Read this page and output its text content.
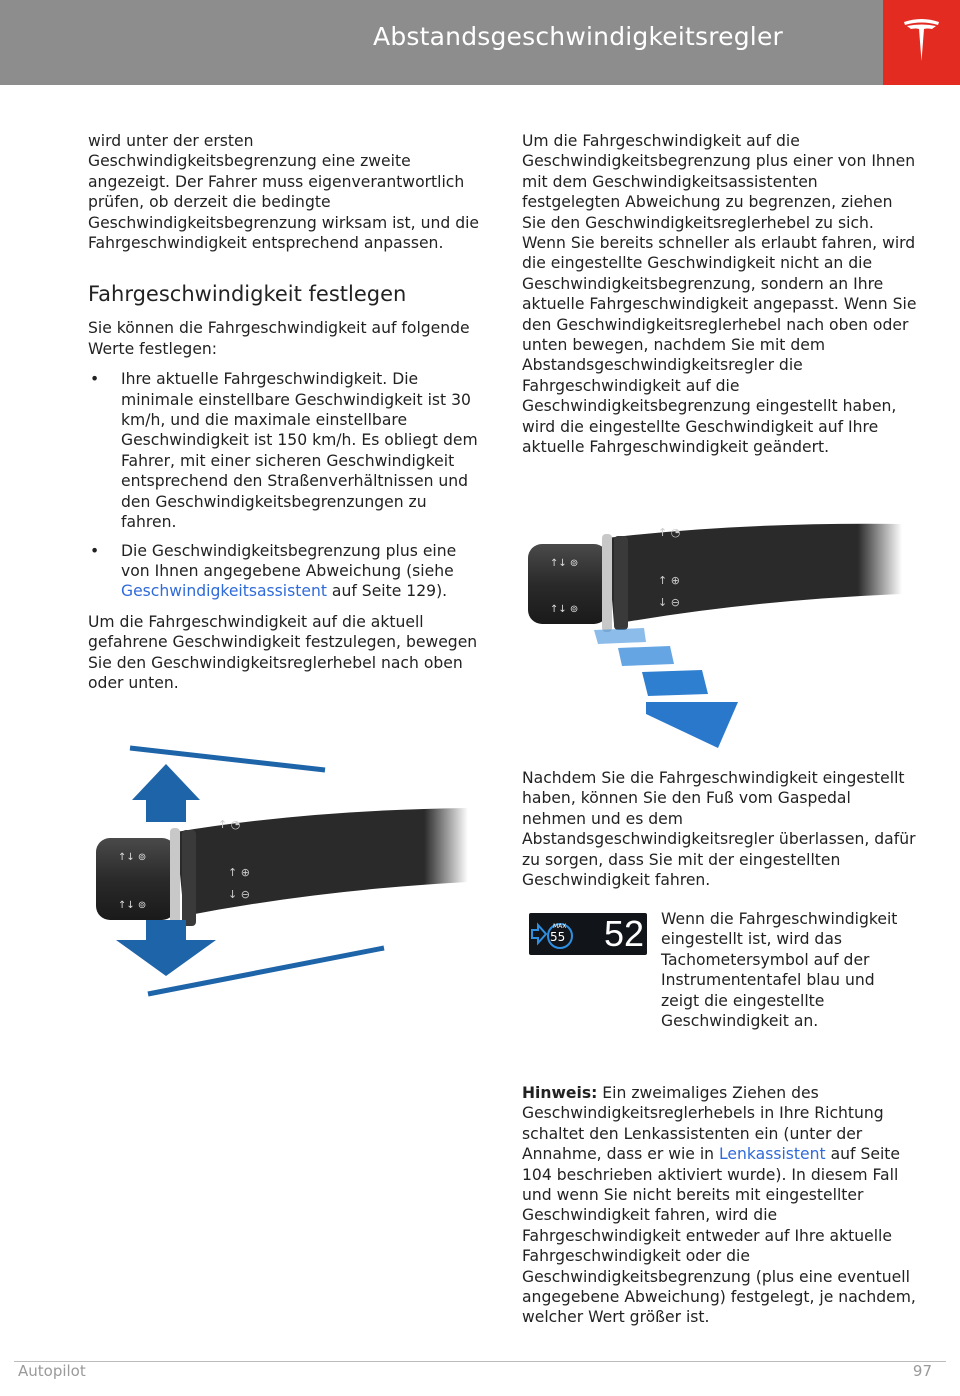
Abstandsgeschwindigkeitsregler

wird unter der ersten Geschwindigkeitsbegrenzung eine zweite angezeigt. Der Fahrer muss eigenverantwortlich prüfen, ob derzeit die bedingte Geschwindigkeitsbegrenzung wirksam ist, und die Fahrgeschwindigkeit entsprechend anpassen.

Fahrgeschwindigkeit festlegen

Sie können die Fahrgeschwindigkeit auf folgende Werte festlegen:

• Ihre aktuelle Fahrgeschwindigkeit. Die minimale einstellbare Geschwindigkeit ist 30 km/h, und die maximale einstellbare Geschwindigkeit ist 150 km/h. Es obliegt dem Fahrer, mit einer sicheren Geschwindigkeit entsprechend den Straßenverhältnissen und den Geschwindigkeitsbegrenzungen zu fahren.
• Die Geschwindigkeitsbegrenzung plus eine von Ihnen angegebene Abweichung (siehe Geschwindigkeitsassistent auf Seite 129).

Um die Fahrgeschwindigkeit auf die aktuell gefahrene Geschwindigkeit festzulegen, bewegen Sie den Geschwindigkeitsreglerhebel nach oben oder unten.

↑↓ ⊚
↑↓ ⊚
↑ ◔
↑ ⊕
↓ ⊖

Um die Fahrgeschwindigkeit auf die Geschwindigkeitsbegrenzung plus einer von Ihnen mit dem Geschwindigkeitsassistenten festgelegten Abweichung zu begrenzen, ziehen Sie den Geschwindigkeitsreglerhebel zu sich. Wenn Sie bereits schneller als erlaubt fahren, wird die eingestellte Geschwindigkeit nicht an die Geschwindigkeitsbegrenzung, sondern an Ihre aktuelle Fahrgeschwindigkeit angepasst. Wenn Sie den Geschwindigkeitsreglerhebel nach oben oder unten bewegen, nachdem Sie mit dem Abstandsgeschwindigkeitsregler die Fahrgeschwindigkeit auf die Geschwindigkeitsbegrenzung eingestellt haben, wird die eingestellte Geschwindigkeit auf Ihre aktuelle Fahrgeschwindigkeit geändert.

↑↓ ⊚
↑↓ ⊚
↑ ◔
↑ ⊕
↓ ⊖

Nachdem Sie die Fahrgeschwindigkeit eingestellt haben, können Sie den Fuß vom Gaspedal nehmen und es dem Abstandsgeschwindigkeitsregler überlassen, dafür zu sorgen, dass Sie mit der eingestellten Geschwindigkeit fahren.

MAX
55 52 Wenn die Fahrgeschwindigkeit eingestellt ist, wird das Tachometersymbol auf der Instrumententafel blau und zeigt die eingestellte Geschwindigkeit an.
Hinweis: Ein zweimaliges Ziehen des Geschwindigkeitsreglerhebels in Ihre Richtung schaltet den Lenkassistenten ein (unter der Annahme, dass er wie in Lenkassistent auf Seite 104 beschrieben aktiviert wurde). In diesem Fall und wenn Sie nicht bereits mit eingestellter Geschwindigkeit fahren, wird die Fahrgeschwindigkeit entweder auf Ihre aktuelle Fahrgeschwindigkeit oder die Geschwindigkeitsbegrenzung (plus eine eventuell angegebene Abweichung) festgelegt, je nachdem, welcher Wert größer ist.
Autopilot	97
